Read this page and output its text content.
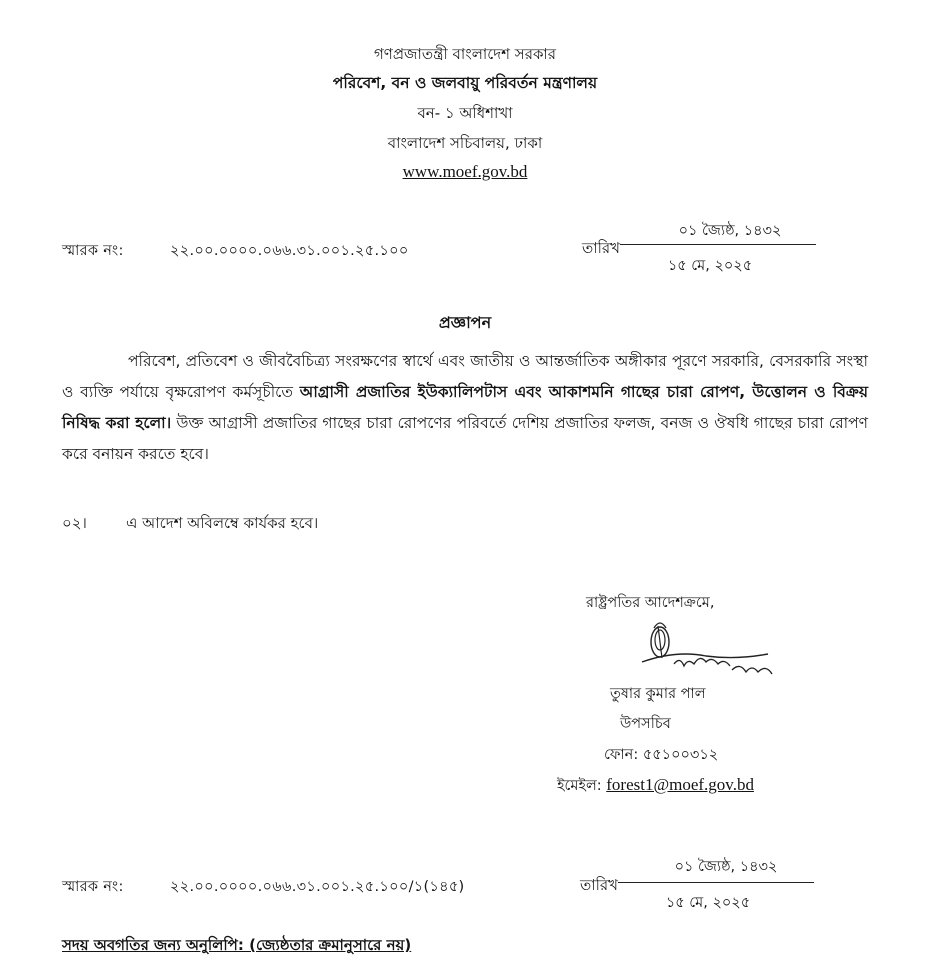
গণপ্রজাতন্ত্রী বাংলাদেশ সরকার
পরিবেশ, বন ও জলবায়ু পরিবর্তন মন্ত্রণালয়
বন- ১ অধিশাখা
বাংলাদেশ সচিবালয়, ঢাকা
www.moef.gov.bd
স্মারক নং:	২২.০০.০০০০.০৬৬.৩১.০০১.২৫.১০০	তারিখ
০১ জ্যৈষ্ঠ, ১৪৩২
১৫ মে, ২০২৫
প্রজ্ঞাপন
পরিবেশ, প্রতিবেশ ও জীববৈচিত্র্য সংরক্ষণের স্বার্থে এবং জাতীয় ও আন্তর্জাতিক অঙ্গীকার পূরণে সরকারি, বেসরকারি সংস্থা ও ব্যক্তি পর্যায়ে বৃক্ষরোপণ কর্মসূচীতে আগ্রাসী প্রজাতির ইউক্যালিপটাস এবং আকাশমনি গাছের চারা রোপণ, উত্তোলন ও বিক্রয় নিষিদ্ধ করা হলো। উক্ত আগ্রাসী প্রজাতির গাছের চারা রোপণের পরিবর্তে দেশিয় প্রজাতির ফলজ, বনজ ও ঔষধি গাছের চারা রোপণ করে বনায়ন করতে হবে।
০২।	এ আদেশ অবিলম্বে কার্যকর হবে।
রাষ্ট্রপতির আদেশক্রমে,
তুষার কুমার পাল
উপসচিব
ফোন: ৫৫১০০৩১২
ইমেইল: forest1@moef.gov.bd
স্মারক নং:	২২.০০.০০০০.০৬৬.৩১.০০১.২৫.১০০/১(১৪৫)	তারিখ
০১ জ্যৈষ্ঠ, ১৪৩২
১৫ মে, ২০২৫
সদয় অবগতির জন্য অনুলিপি: (জ্যেষ্ঠতার ক্রমানুসারে নয়)
